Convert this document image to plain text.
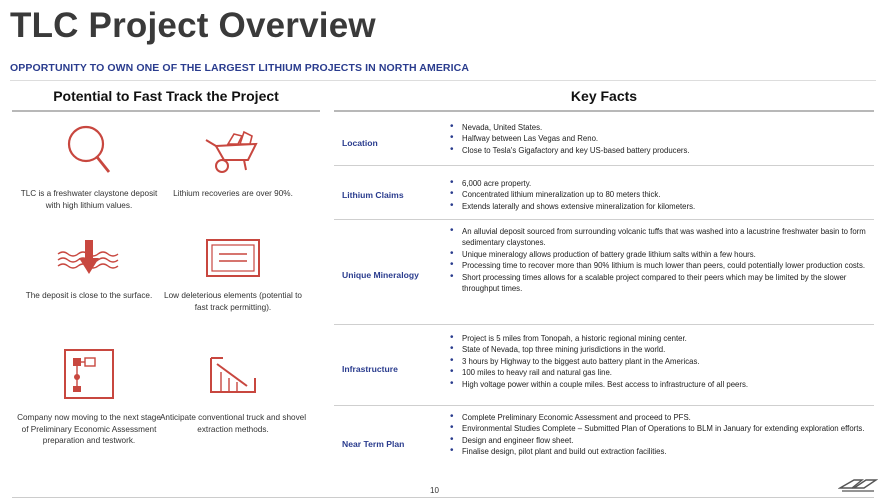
TLC Project Overview
OPPORTUNITY TO OWN ONE OF THE LARGEST LITHIUM PROJECTS IN NORTH AMERICA
Potential to Fast Track the Project	Key Facts
TLC is a freshwater claystone deposit with high lithium values.
Lithium recoveries are over 90%.
The deposit is close to the surface.	Low deleterious elements (potential to fast track permitting).
Company now moving to the next stage of Preliminary Economic Assessment preparation and testwork.
Anticipate conventional truck and shovel extraction methods.
Location
• Nevada, United States.
• Halfway between Las Vegas and Reno.
• Close to Tesla's Gigafactory and key US-based battery producers.
Lithium Claims
• 6,000 acre property.
• Concentrated lithium mineralization up to 80 meters thick.
• Extends laterally and shows extensive mineralization for kilometers.
Unique Mineralogy
• An alluvial deposit sourced from surrounding volcanic tuffs that was washed into a lacustrine freshwater basin to form sedimentary claystones.
• Unique mineralogy allows production of battery grade lithium salts within a few hours.
• Processing time to recover more than 90% lithium is much lower than peers, could potentially lower production costs.
• Short processing times allows for a scalable project compared to their peers which may be limited by the slower throughput times.
Infrastructure
• Project is 5 miles from Tonopah, a historic regional mining center.
• State of Nevada, top three mining jurisdictions in the world.
• 3 hours by Highway to the biggest auto battery plant in the Americas.
• 100 miles to heavy rail and natural gas line.
• High voltage power within a couple miles. Best access to infrastructure of all peers.
Near Term Plan
• Complete Preliminary Economic Assessment and proceed to PFS.
• Environmental Studies Complete – Submitted Plan of Operations to BLM in January for extending exploration efforts.
• Design and engineer flow sheet.
• Finalise design, pilot plant and build out extraction facilities.
10
